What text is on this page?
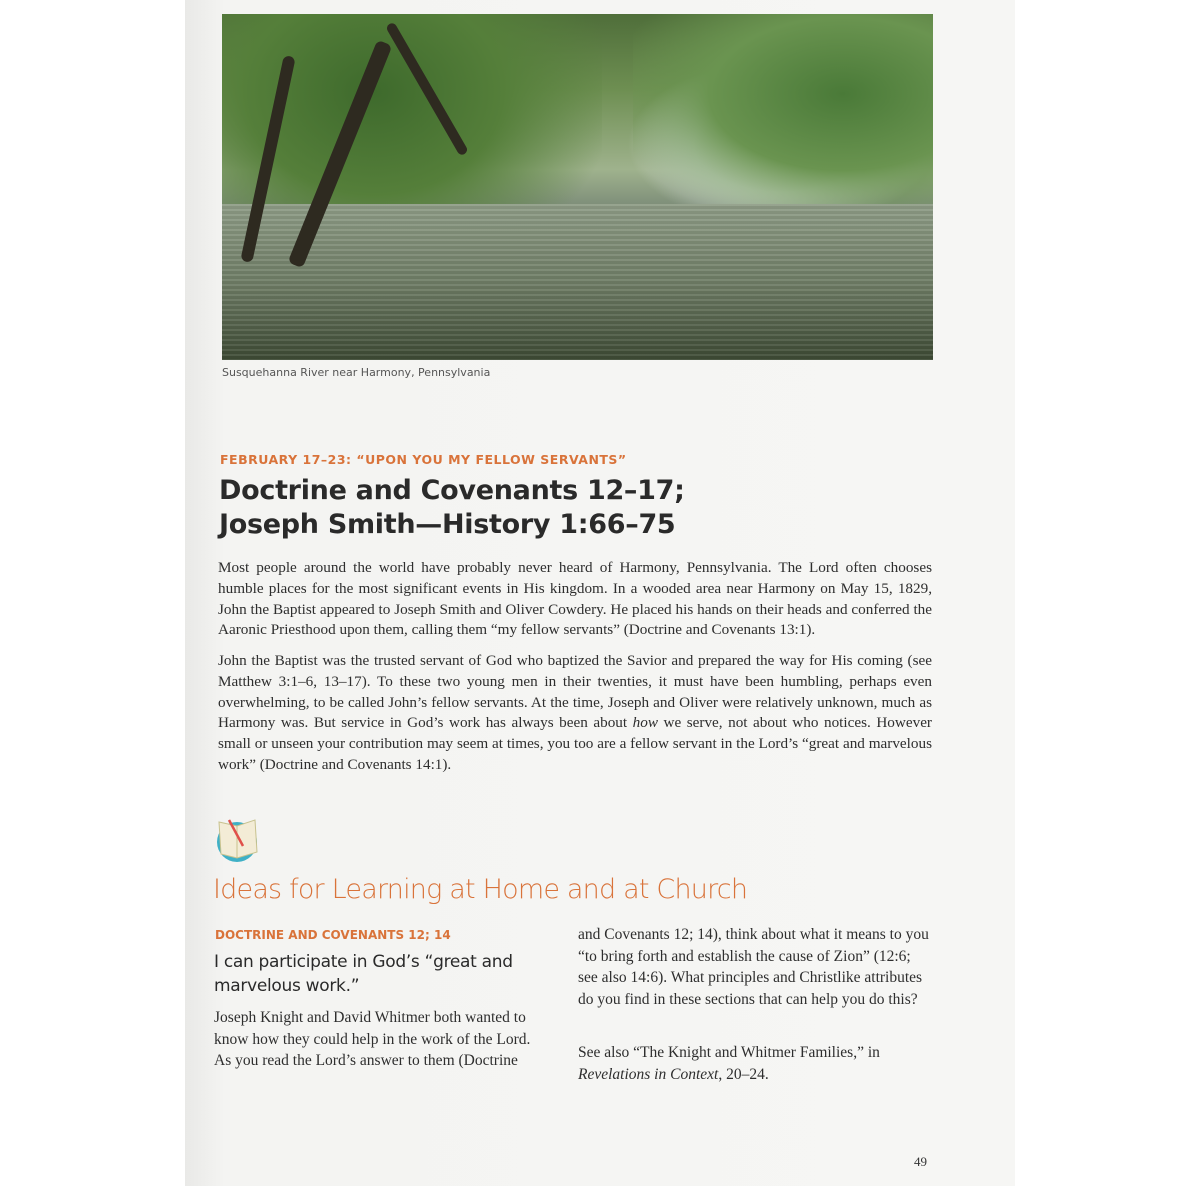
Susquehanna River near Harmony, Pennsylvania
FEBRUARY 17–23: “UPON YOU MY FELLOW SERVANTS”
Doctrine and Covenants 12–17;
Joseph Smith—History 1:66–75

Most people around the world have probably never heard of Harmony, Pennsylvania. The Lord often chooses humble places for the most significant events in His kingdom. In a wooded area near Harmony on May 15, 1829, John the Baptist appeared to Joseph Smith and Oliver Cowdery. He placed his hands on their heads and conferred the Aaronic Priesthood upon them, calling them “my fellow servants” (Doctrine and Covenants 13:1).

John the Baptist was the trusted servant of God who baptized the Savior and prepared the way for His coming (see Matthew 3:1–6, 13–17). To these two young men in their twenties, it must have been humbling, perhaps even overwhelming, to be called John’s fellow servants. At the time, Joseph and Oliver were relatively unknown, much as Harmony was. But service in God’s work has always been about how we serve, not about who notices. However small or unseen your contribution may seem at times, you too are a fellow servant in the Lord’s “great and marvelous work” (Doctrine and Covenants 14:1).

Ideas for Learning at Home and at Church
DOCTRINE AND COVENANTS 12; 14
I can participate in God’s “great and marvelous work.”

Joseph Knight and David Whitmer both wanted to know how they could help in the work of the Lord. As you read the Lord’s answer to them (Doctrine

and Covenants 12; 14), think about what it means to you “to bring forth and establish the cause of Zion” (12:6; see also 14:6). What principles and Christlike attributes do you find in these sections that can help you do this?

See also “The Knight and Whitmer Families,” in Revelations in Context, 20–24.

49
